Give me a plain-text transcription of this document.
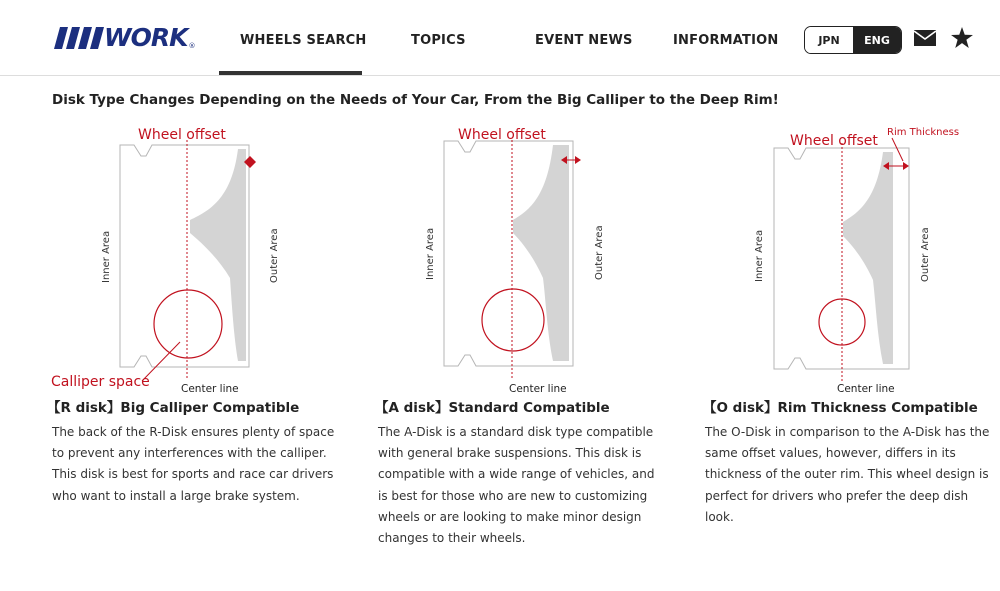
WORK ®	WHEELS SEARCH	TOPICS	EVENT NEWS	INFORMATION	JPN	ENG
Disk Type Changes Depending on the Needs of Your Car, From the Big Calliper to the Deep Rim!
Wheel offset
Inner Area	Outer Area
Calliper space	Center line
Wheel offset
Inner Area	Outer Area
Center line
Wheel offset
Rim Thickness
Inner Area	Outer Area
Center line
【R disk】Big Calliper Compatible	【A disk】Standard Compatible	【O disk】Rim Thickness Compatible
The back of the R-Disk ensures plenty of space to prevent any interferences with the calliper. This disk is best for sports and race car drivers who want to install a large brake system.
The A-Disk is a standard disk type compatible with general brake suspensions. This disk is compatible with a wide range of vehicles, and is best for those who are new to customizing wheels or are looking to make minor design changes to their wheels.
The O-Disk in comparison to the A-Disk has the same offset values, however, differs in its thickness of the outer rim. This wheel design is perfect for drivers who prefer the deep dish look.
